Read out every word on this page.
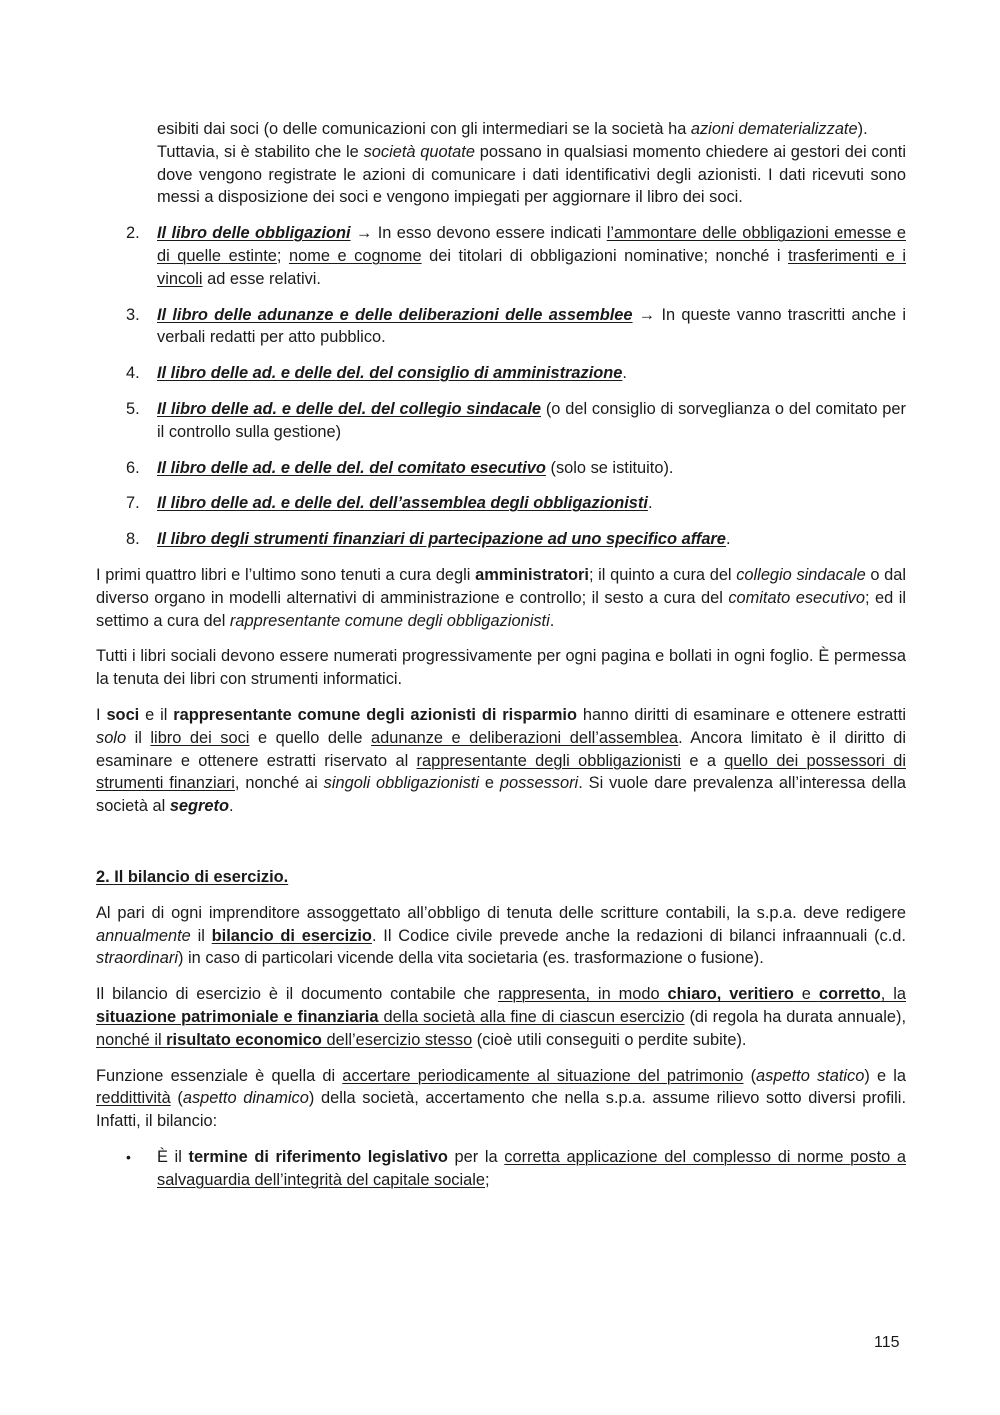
esibiti dai soci (o delle comunicazioni con gli intermediari se la società ha azioni dematerializzate).

Tuttavia, si è stabilito che le società quotate possano in qualsiasi momento chiedere ai gestori dei conti dove vengono registrate le azioni di comunicare i dati identificativi degli azionisti. I dati ricevuti sono messi a disposizione dei soci e vengono impiegati per aggiornare il libro dei soci.

2. Il libro delle obbligazioni → In esso devono essere indicati l’ammontare delle obbligazioni emesse e di quelle estinte; nome e cognome dei titolari di obbligazioni nominative; nonché i trasferimenti e i vincoli ad esse relativi.
3. Il libro delle adunanze e delle deliberazioni delle assemblee → In queste vanno trascritti anche i verbali redatti per atto pubblico.
4. Il libro delle ad. e delle del. del consiglio di amministrazione.
5. Il libro delle ad. e delle del. del collegio sindacale (o del consiglio di sorveglianza o del comitato per il controllo sulla gestione)
6. Il libro delle ad. e delle del. del comitato esecutivo (solo se istituito).
7. Il libro delle ad. e delle del. dell’assemblea degli obbligazionisti.
8. Il libro degli strumenti finanziari di partecipazione ad uno specifico affare.

I primi quattro libri e l’ultimo sono tenuti a cura degli amministratori; il quinto a cura del collegio sindacale o dal diverso organo in modelli alternativi di amministrazione e controllo; il sesto a cura del comitato esecutivo; ed il settimo a cura del rappresentante comune degli obbligazionisti.

Tutti i libri sociali devono essere numerati progressivamente per ogni pagina e bollati in ogni foglio. È permessa la tenuta dei libri con strumenti informatici.

I soci e il rappresentante comune degli azionisti di risparmio hanno diritti di esaminare e ottenere estratti solo il libro dei soci e quello delle adunanze e deliberazioni dell’assemblea. Ancora limitato è il diritto di esaminare e ottenere estratti riservato al rappresentante degli obbligazionisti e a quello dei possessori di strumenti finanziari, nonché ai singoli obbligazionisti e possessori. Si vuole dare prevalenza all’interessa della società al segreto.

2. Il bilancio di esercizio.

Al pari di ogni imprenditore assoggettato all’obbligo di tenuta delle scritture contabili, la s.p.a. deve redigere annualmente il bilancio di esercizio. Il Codice civile prevede anche la redazioni di bilanci infraannuali (c.d. straordinari) in caso di particolari vicende della vita societaria (es. trasformazione o fusione).

Il bilancio di esercizio è il documento contabile che rappresenta, in modo chiaro, veritiero e corretto, la situazione patrimoniale e finanziaria della società alla fine di ciascun esercizio (di regola ha durata annuale), nonché il risultato economico dell’esercizio stesso (cioè utili conseguiti o perdite subite).

Funzione essenziale è quella di accertare periodicamente al situazione del patrimonio (aspetto statico) e la reddittività (aspetto dinamico) della società, accertamento che nella s.p.a. assume rilievo sotto diversi profili. Infatti, il bilancio:

• È il termine di riferimento legislativo per la corretta applicazione del complesso di norme posto a salvaguardia dell’integrità del capitale sociale;
115
